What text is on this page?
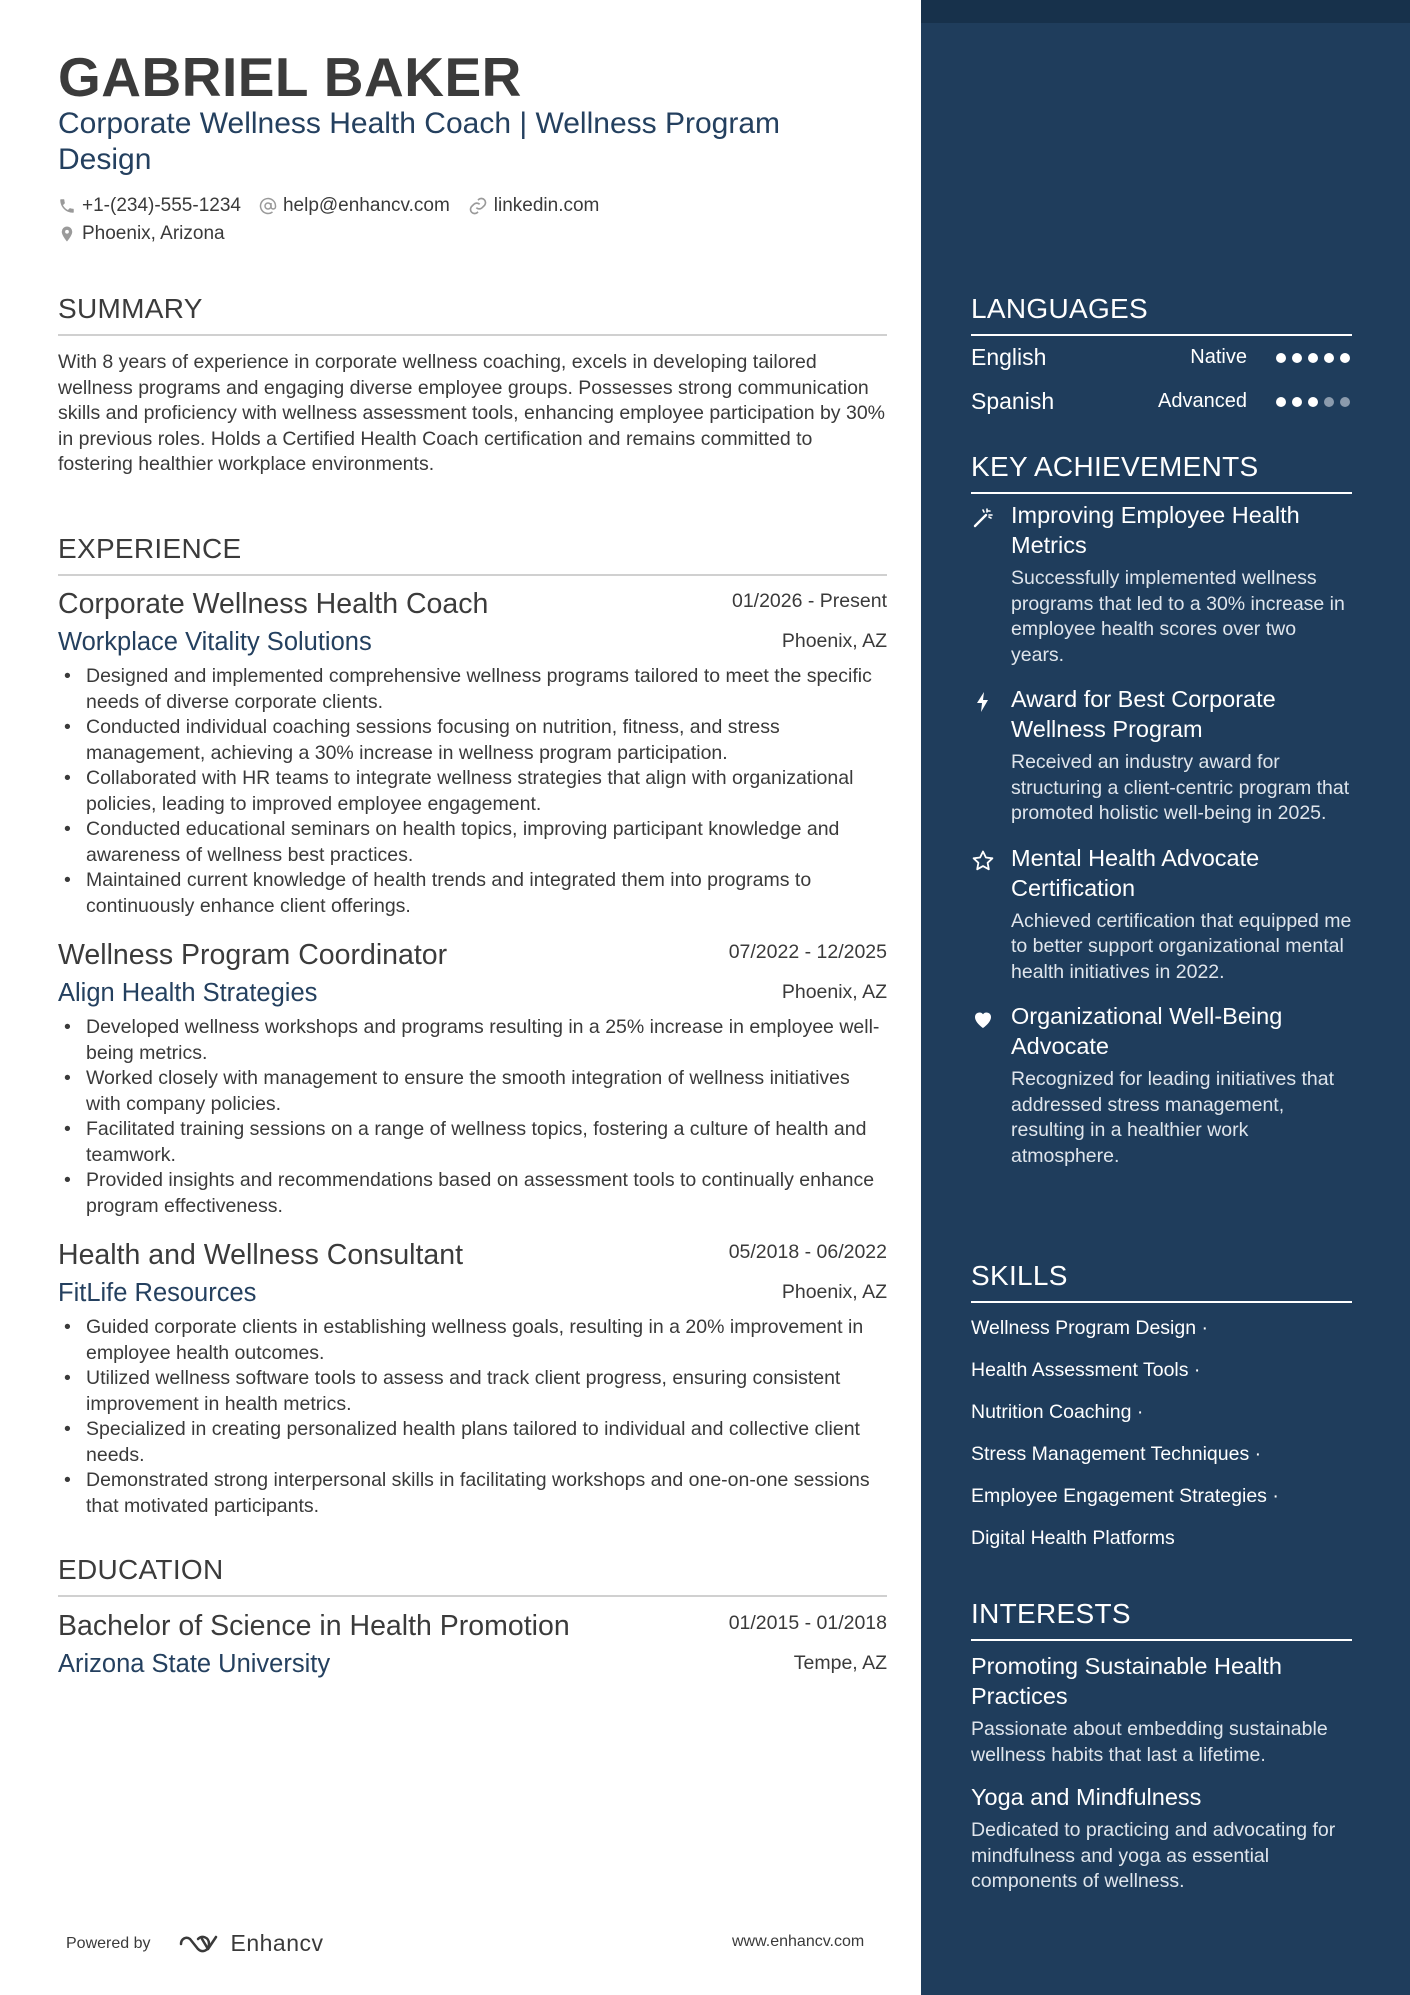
GABRIEL BAKER
Corporate Wellness Health Coach | Wellness Program Design
+1-(234)-555-1234 help@enhancv.com linkedin.com
Phoenix, Arizona
SUMMARY
With 8 years of experience in corporate wellness coaching, excels in developing tailored wellness programs and engaging diverse employee groups. Possesses strong communication skills and proficiency with wellness assessment tools, enhancing employee participation by 30% in previous roles. Holds a Certified Health Coach certification and remains committed to fostering healthier workplace environments.
EXPERIENCE
Corporate Wellness Health Coach	01/2026 - Present
Workplace Vitality Solutions	Phoenix, AZ
• Designed and implemented comprehensive wellness programs tailored to meet the specific needs of diverse corporate clients.
• Conducted individual coaching sessions focusing on nutrition, fitness, and stress management, achieving a 30% increase in wellness program participation.
• Collaborated with HR teams to integrate wellness strategies that align with organizational policies, leading to improved employee engagement.
• Conducted educational seminars on health topics, improving participant knowledge and awareness of wellness best practices.
• Maintained current knowledge of health trends and integrated them into programs to continuously enhance client offerings.
Wellness Program Coordinator	07/2022 - 12/2025
Align Health Strategies	Phoenix, AZ
• Developed wellness workshops and programs resulting in a 25% increase in employee well-being metrics.
• Worked closely with management to ensure the smooth integration of wellness initiatives with company policies.
• Facilitated training sessions on a range of wellness topics, fostering a culture of health and teamwork.
• Provided insights and recommendations based on assessment tools to continually enhance program effectiveness.
Health and Wellness Consultant	05/2018 - 06/2022
FitLife Resources	Phoenix, AZ
• Guided corporate clients in establishing wellness goals, resulting in a 20% improvement in employee health outcomes.
• Utilized wellness software tools to assess and track client progress, ensuring consistent improvement in health metrics.
• Specialized in creating personalized health plans tailored to individual and collective client needs.
• Demonstrated strong interpersonal skills in facilitating workshops and one-on-one sessions that motivated participants.
EDUCATION
Bachelor of Science in Health Promotion	01/2015 - 01/2018
Arizona State University	Tempe, AZ
Powered by	Enhancv	www.enhancv.com
LANGUAGES
English	Native
Spanish	Advanced
KEY ACHIEVEMENTS
Improving Employee Health Metrics
Successfully implemented wellness programs that led to a 30% increase in employee health scores over two years.
Award for Best Corporate Wellness Program
Received an industry award for structuring a client-centric program that promoted holistic well-being in 2025.
Mental Health Advocate Certification
Achieved certification that equipped me to better support organizational mental health initiatives in 2022.
Organizational Well-Being Advocate
Recognized for leading initiatives that addressed stress management, resulting in a healthier work atmosphere.
SKILLS
Wellness Program Design ·
Health Assessment Tools ·
Nutrition Coaching ·
Stress Management Techniques ·
Employee Engagement Strategies ·
Digital Health Platforms
INTERESTS
Promoting Sustainable Health Practices
Passionate about embedding sustainable wellness habits that last a lifetime.
Yoga and Mindfulness
Dedicated to practicing and advocating for mindfulness and yoga as essential components of wellness.
